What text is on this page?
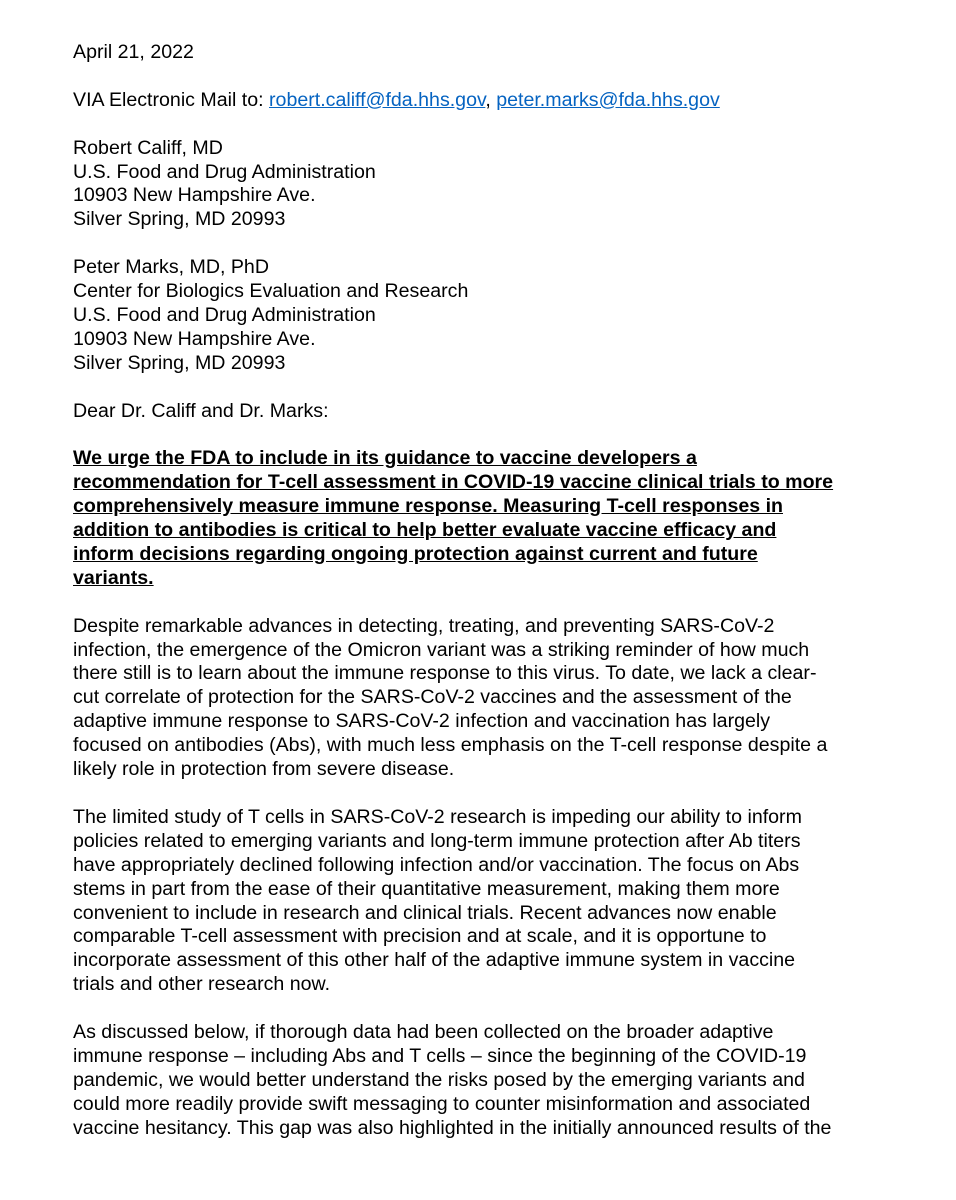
April 21, 2022

VIA Electronic Mail to: robert.califf@fda.hhs.gov, peter.marks@fda.hhs.gov

Robert Califf, MD
U.S. Food and Drug Administration
10903 New Hampshire Ave.
Silver Spring, MD 20993

Peter Marks, MD, PhD
Center for Biologics Evaluation and Research
U.S. Food and Drug Administration
10903 New Hampshire Ave.
Silver Spring, MD 20993

Dear Dr. Califf and Dr. Marks:

We urge the FDA to include in its guidance to vaccine developers a
recommendation for T-cell assessment in COVID-19 vaccine clinical trials to more
comprehensively measure immune response. Measuring T-cell responses in
addition to antibodies is critical to help better evaluate vaccine efficacy and
inform decisions regarding ongoing protection against current and future
variants.

Despite remarkable advances in detecting, treating, and preventing SARS-CoV-2
infection, the emergence of the Omicron variant was a striking reminder of how much
there still is to learn about the immune response to this virus. To date, we lack a clear-
cut correlate of protection for the SARS-CoV-2 vaccines and the assessment of the
adaptive immune response to SARS-CoV-2 infection and vaccination has largely
focused on antibodies (Abs), with much less emphasis on the T-cell response despite a
likely role in protection from severe disease.

The limited study of T cells in SARS-CoV-2 research is impeding our ability to inform
policies related to emerging variants and long-term immune protection after Ab titers
have appropriately declined following infection and/or vaccination. The focus on Abs
stems in part from the ease of their quantitative measurement, making them more
convenient to include in research and clinical trials. Recent advances now enable
comparable T-cell assessment with precision and at scale, and it is opportune to
incorporate assessment of this other half of the adaptive immune system in vaccine
trials and other research now.

As discussed below, if thorough data had been collected on the broader adaptive
immune response – including Abs and T cells – since the beginning of the COVID-19
pandemic, we would better understand the risks posed by the emerging variants and
could more readily provide swift messaging to counter misinformation and associated
vaccine hesitancy. This gap was also highlighted in the initially announced results of the
